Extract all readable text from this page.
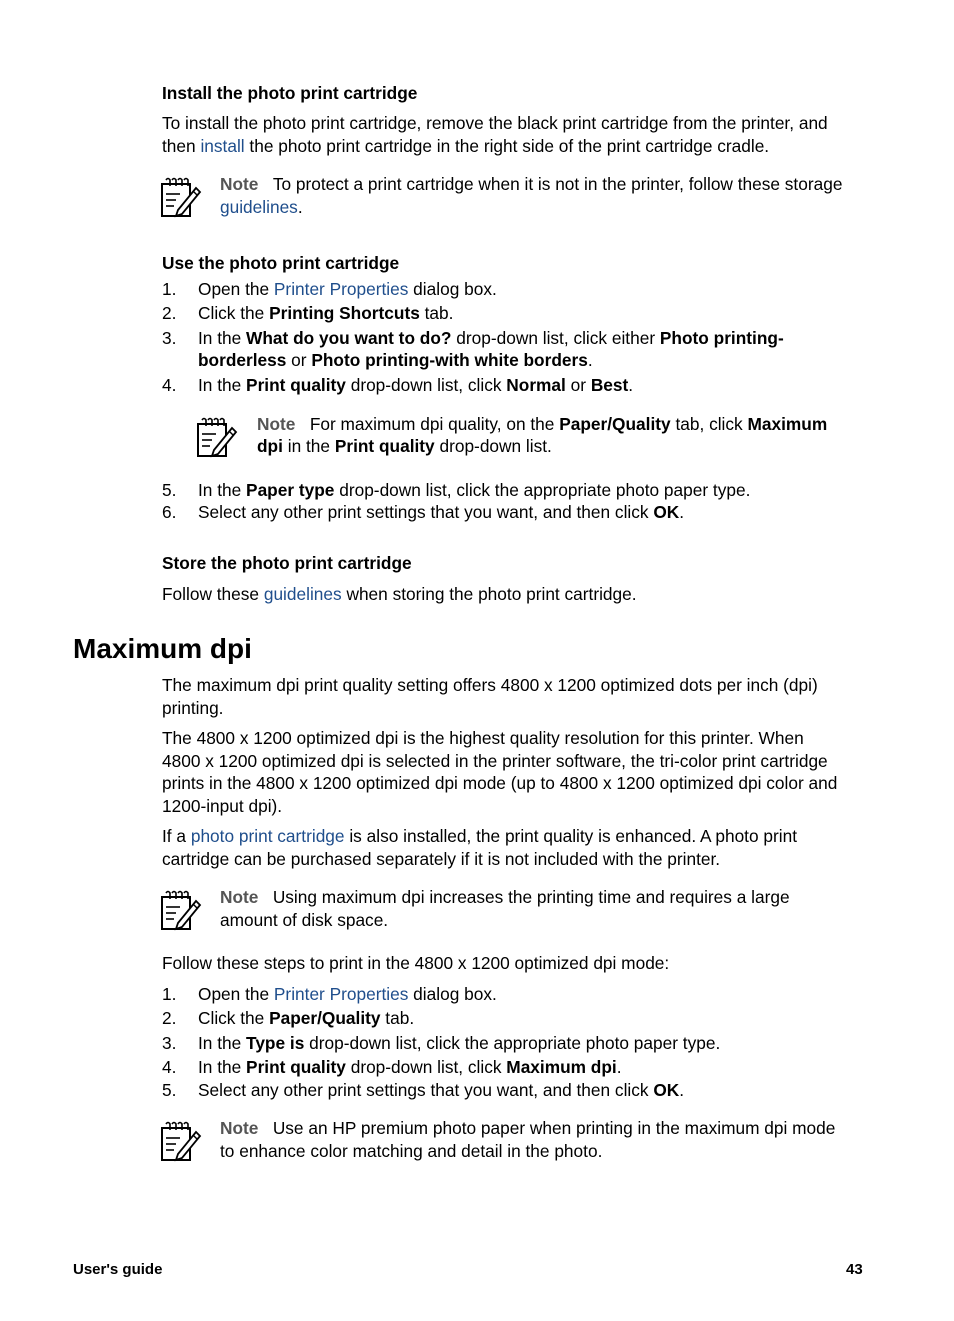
Install the photo print cartridge
To install the photo print cartridge, remove the black print cartridge from the printer, and
then install the photo print cartridge in the right side of the print cartridge cradle.
Note To protect a print cartridge when it is not in the printer, follow these storage
guidelines.
Use the photo print cartridge
1. Open the Printer Properties dialog box.
2. Click the Printing Shortcuts tab.
3. In the What do you want to do? drop-down list, click either Photo printing-
borderless or Photo printing-with white borders.
4. In the Print quality drop-down list, click Normal or Best.
Note For maximum dpi quality, on the Paper/Quality tab, click Maximum
dpi in the Print quality drop-down list.
5. In the Paper type drop-down list, click the appropriate photo paper type.
6. Select any other print settings that you want, and then click OK.
Store the photo print cartridge
Follow these guidelines when storing the photo print cartridge.
Maximum dpi
The maximum dpi print quality setting offers 4800 x 1200 optimized dots per inch (dpi)
printing.
The 4800 x 1200 optimized dpi is the highest quality resolution for this printer. When
4800 x 1200 optimized dpi is selected in the printer software, the tri-color print cartridge
prints in the 4800 x 1200 optimized dpi mode (up to 4800 x 1200 optimized dpi color and
1200-input dpi).
If a photo print cartridge is also installed, the print quality is enhanced. A photo print
cartridge can be purchased separately if it is not included with the printer.
Note Using maximum dpi increases the printing time and requires a large
amount of disk space.
Follow these steps to print in the 4800 x 1200 optimized dpi mode:
1. Open the Printer Properties dialog box.
2. Click the Paper/Quality tab.
3. In the Type is drop-down list, click the appropriate photo paper type.
4. In the Print quality drop-down list, click Maximum dpi.
5. Select any other print settings that you want, and then click OK.
Note Use an HP premium photo paper when printing in the maximum dpi mode
to enhance color matching and detail in the photo.
User's guide	43
